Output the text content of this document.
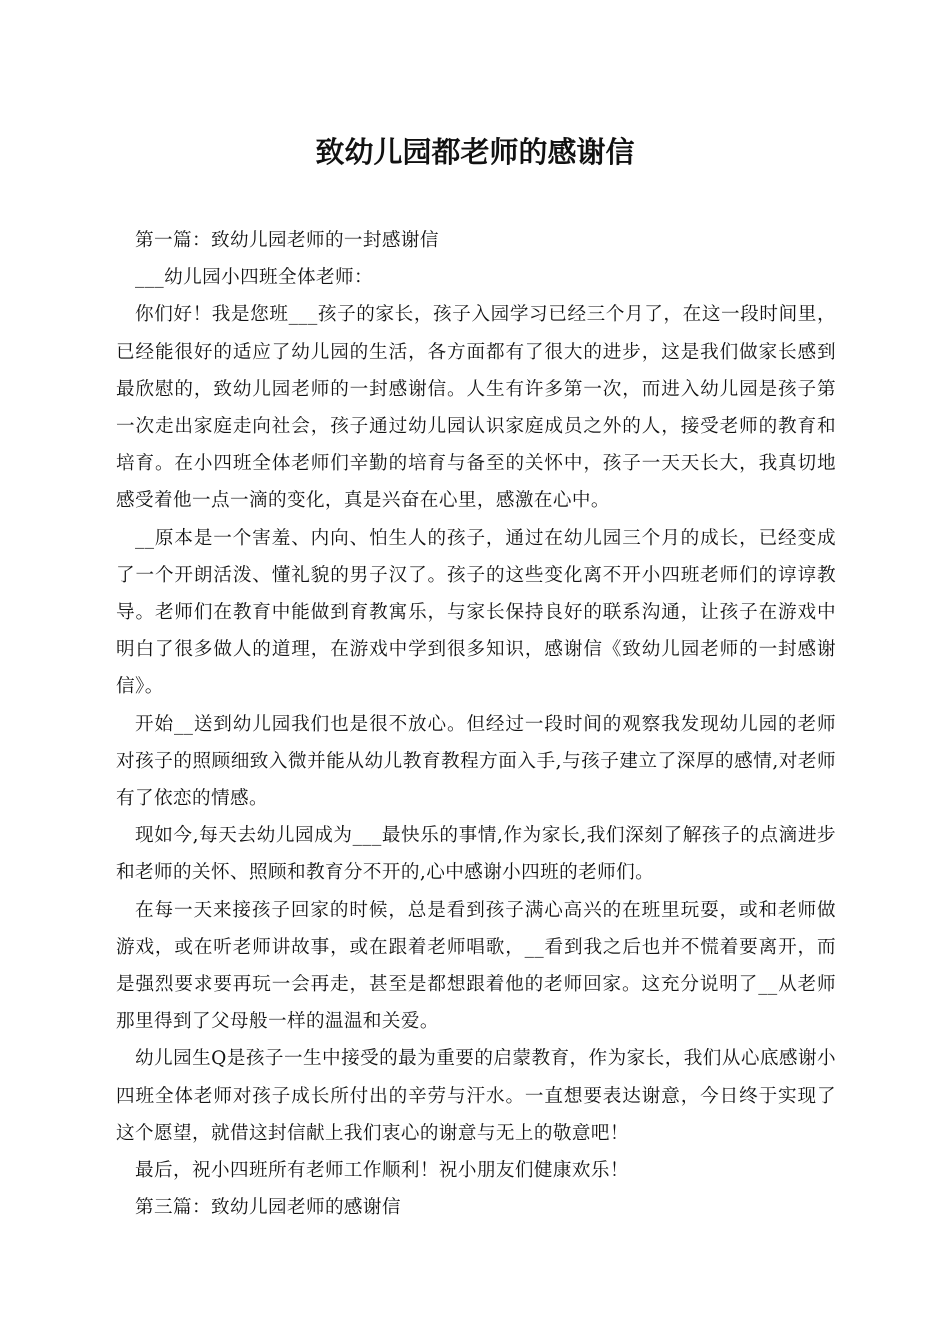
致幼儿园都老师的感谢信

第一篇：致幼儿园老师的一封感谢信

___幼儿园小四班全体老师：

你们好！我是您班___孩子的家长，孩子入园学习已经三个月了，在这一段时间里，已经能很好的适应了幼儿园的生活，各方面都有了很大的进步，这是我们做家长感到最欣慰的，致幼儿园老师的一封感谢信。人生有许多第一次，而进入幼儿园是孩子第一次走出家庭走向社会，孩子通过幼儿园认识家庭成员之外的人，接受老师的教育和培育。在小四班全体老师们辛勤的培育与备至的关怀中，孩子一天天长大，我真切地感受着他一点一滴的变化，真是兴奋在心里，感激在心中。

__原本是一个害羞、内向、怕生人的孩子，通过在幼儿园三个月的成长，已经变成了一个开朗活泼、懂礼貌的男子汉了。孩子的这些变化离不开小四班老师们的谆谆教导。老师们在教育中能做到育教寓乐，与家长保持良好的联系沟通，让孩子在游戏中明白了很多做人的道理，在游戏中学到很多知识，感谢信《致幼儿园老师的一封感谢信》。

开始__送到幼儿园我们也是很不放心。但经过一段时间的观察我发现幼儿园的老师对孩子的照顾细致入微并能从幼儿教育教程方面入手,与孩子建立了深厚的感情,对老师有了依恋的情感。

现如今,每天去幼儿园成为___最快乐的事情,作为家长,我们深刻了解孩子的点滴进步和老师的关怀、照顾和教育分不开的,心中感谢小四班的老师们。

在每一天来接孩子回家的时候，总是看到孩子满心高兴的在班里玩耍，或和老师做游戏，或在听老师讲故事，或在跟着老师唱歌，__看到我之后也并不慌着要离开，而是强烈要求要再玩一会再走，甚至是都想跟着他的老师回家。这充分说明了__从老师那里得到了父母般一样的温温和关爱。

幼儿园生Q是孩子一生中接受的最为重要的启蒙教育，作为家长，我们从心底感谢小四班全体老师对孩子成长所付出的辛劳与汗水。一直想要表达谢意，今日终于实现了这个愿望，就借这封信献上我们衷心的谢意与无上的敬意吧！

最后，祝小四班所有老师工作顺利！祝小朋友们健康欢乐！

第三篇：致幼儿园老师的感谢信
